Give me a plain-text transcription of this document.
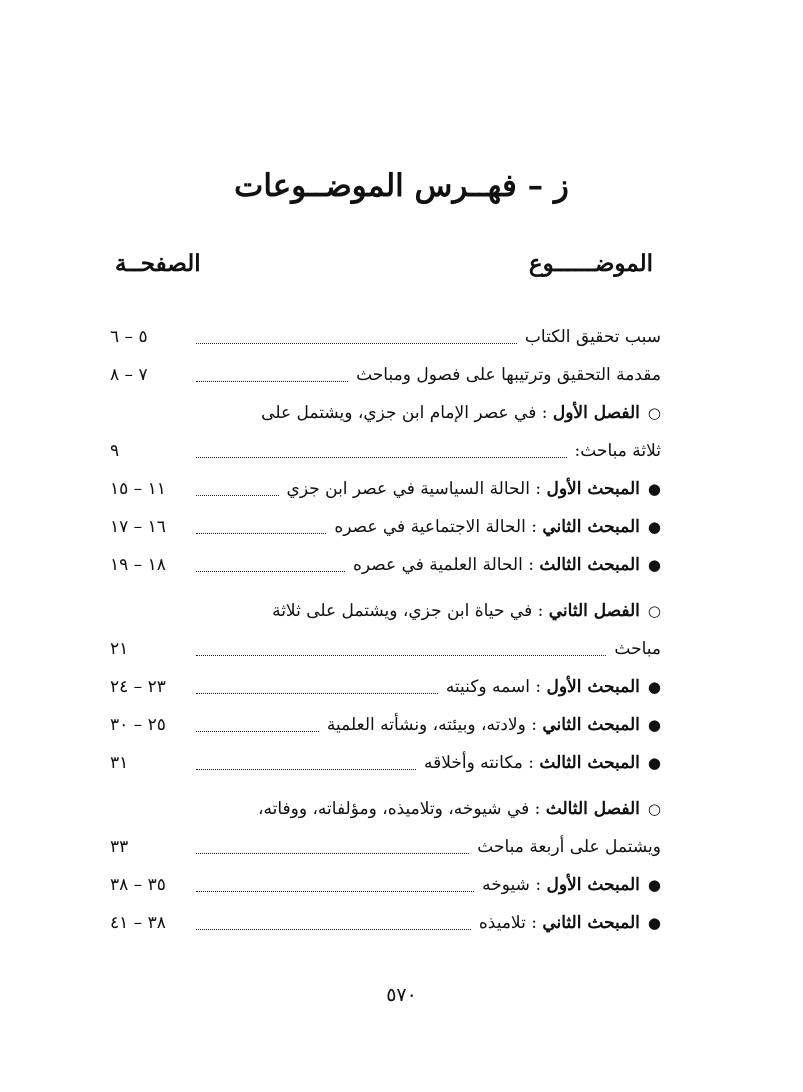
ز – فهــرس الموضــوعات
الموضــــــوع
الصفحــة
سبب تحقيق الكتاب
٥ – ٦
مقدمة التحقيق وترتيبها على فصول ومباحث
٧ – ٨
○الفصل الأول : في عصر الإمام ابن جزي، ويشتمل على
ثلاثة مباحث:
٩
●المبحث الأول : الحالة السياسية في عصر ابن جزي
١١ – ١٥
●المبحث الثاني : الحالة الاجتماعية في عصره
١٦ – ١٧
●المبحث الثالث : الحالة العلمية في عصره
١٨ – ١٩
○الفصل الثاني : في حياة ابن جزي، ويشتمل على ثلاثة
مباحث
٢١
●المبحث الأول : اسمه وكنيته
٢٣ – ٢٤
●المبحث الثاني : ولادته، وبيئته، ونشأته العلمية
٢٥ – ٣٠
●المبحث الثالث : مكانته وأخلاقه
٣١
○الفصل الثالث : في شيوخه، وتلاميذه، ومؤلفاته، ووفاته،
ويشتمل على أربعة مباحث
٣٣
●المبحث الأول : شيوخه
٣٥ – ٣٨
●المبحث الثاني : تلاميذه
٣٨ – ٤١
٥٧٠
